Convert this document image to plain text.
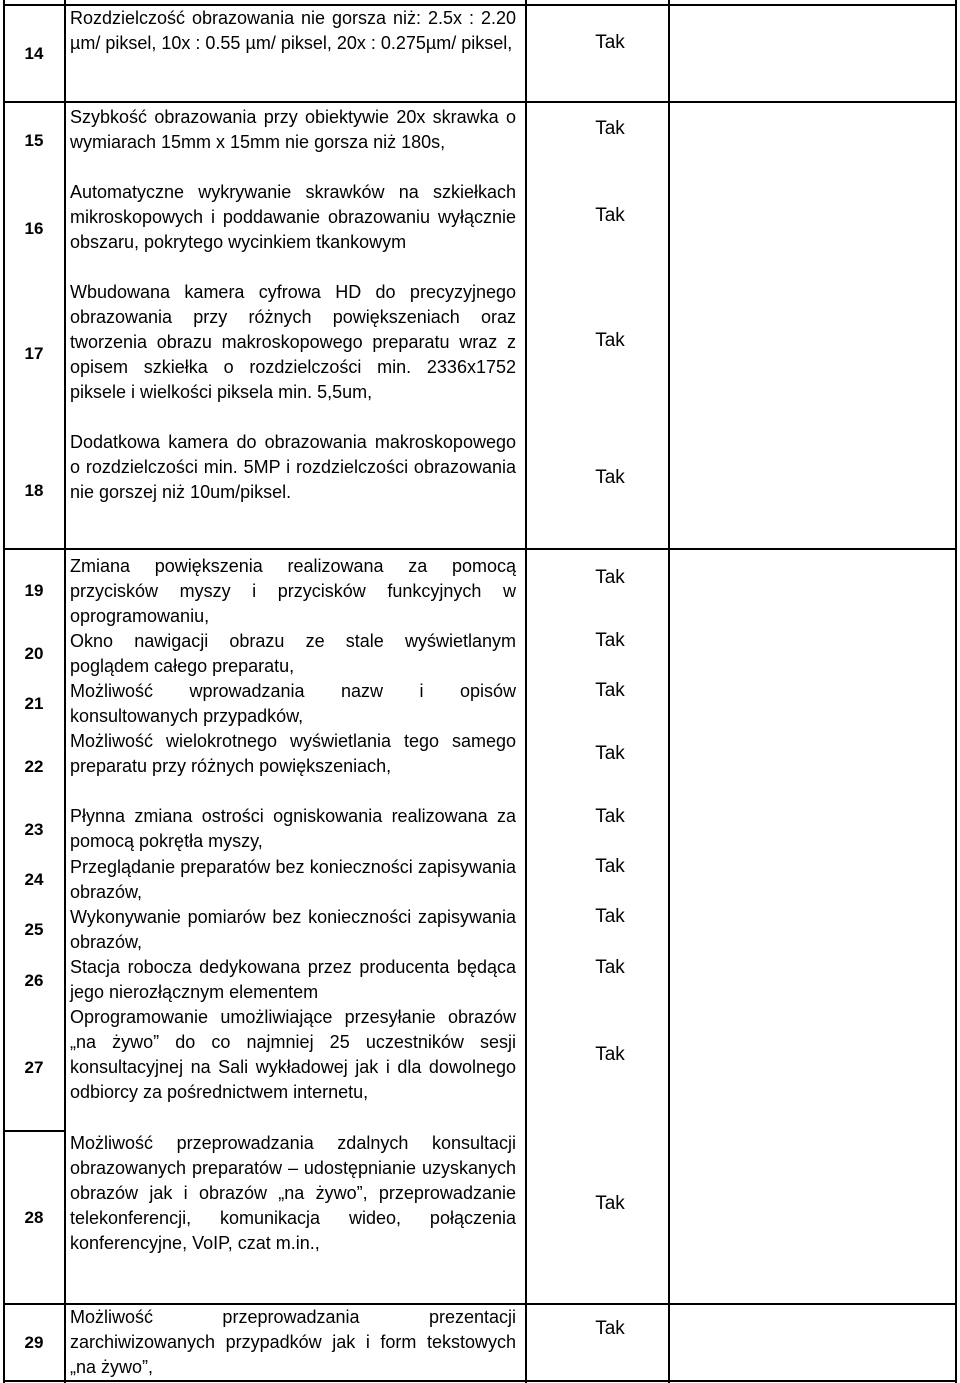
14
Rozdzielczość obrazowania nie gorsza niż: 2.5x : 2.20 µm/ piksel, 10x : 0.55 µm/ piksel, 20x : 0.275µm/ piksel,	Tak
15
Szybkość obrazowania przy obiektywie 20x skrawka o wymiarach 15mm x 15mm nie gorsza niż 180s,
Tak
16
Automatyczne wykrywanie skrawków na szkiełkach mikroskopowych i poddawanie obrazowaniu wyłącznie obszaru, pokrytego wycinkiem tkankowym
Tak
17
Wbudowana kamera cyfrowa HD do precyzyjnego obrazowania przy różnych powiększeniach oraz tworzenia obrazu makroskopowego preparatu wraz z opisem szkiełka o rozdzielczości min. 2336x1752 piksele i wielkości piksela min. 5,5um,
Tak
18
Dodatkowa kamera do obrazowania makroskopowego o rozdzielczości min. 5MP i rozdzielczości obrazowania nie gorszej niż 10um/piksel.
Tak
19
Zmiana powiększenia realizowana za pomocą przycisków myszy i przycisków funkcyjnych w oprogramowaniu,
Tak
20
Okno nawigacji obrazu ze stale wyświetlanym poglądem całego preparatu,
Tak
21
Możliwość wprowadzania nazw i opisów konsultowanych przypadków,
Tak
22
Możliwość wielokrotnego wyświetlania tego samego preparatu przy różnych powiększeniach,
Tak
23
Płynna zmiana ostrości ogniskowania realizowana za pomocą pokrętła myszy,
Tak
24
Przeglądanie preparatów bez konieczności zapisywania obrazów,
Tak
25
Wykonywanie pomiarów bez konieczności zapisywania obrazów,
Tak
26
Stacja robocza dedykowana przez producenta będąca jego nierozłącznym elementem
Tak
27
Oprogramowanie umożliwiające przesyłanie obrazów „na żywo” do co najmniej 25 uczestników sesji konsultacyjnej na Sali wykładowej jak i dla dowolnego odbiorcy za pośrednictwem internetu,
Tak
28
Możliwość przeprowadzania zdalnych konsultacji obrazowanych preparatów – udostępnianie uzyskanych obrazów jak i obrazów „na żywo”, przeprowadzanie telekonferencji, komunikacja wideo, połączenia konferencyjne, VoIP, czat m.in.,
Tak
29
Możliwość przeprowadzania prezentacji zarchiwizowanych przypadków jak i form tekstowych „na żywo”,
Tak
